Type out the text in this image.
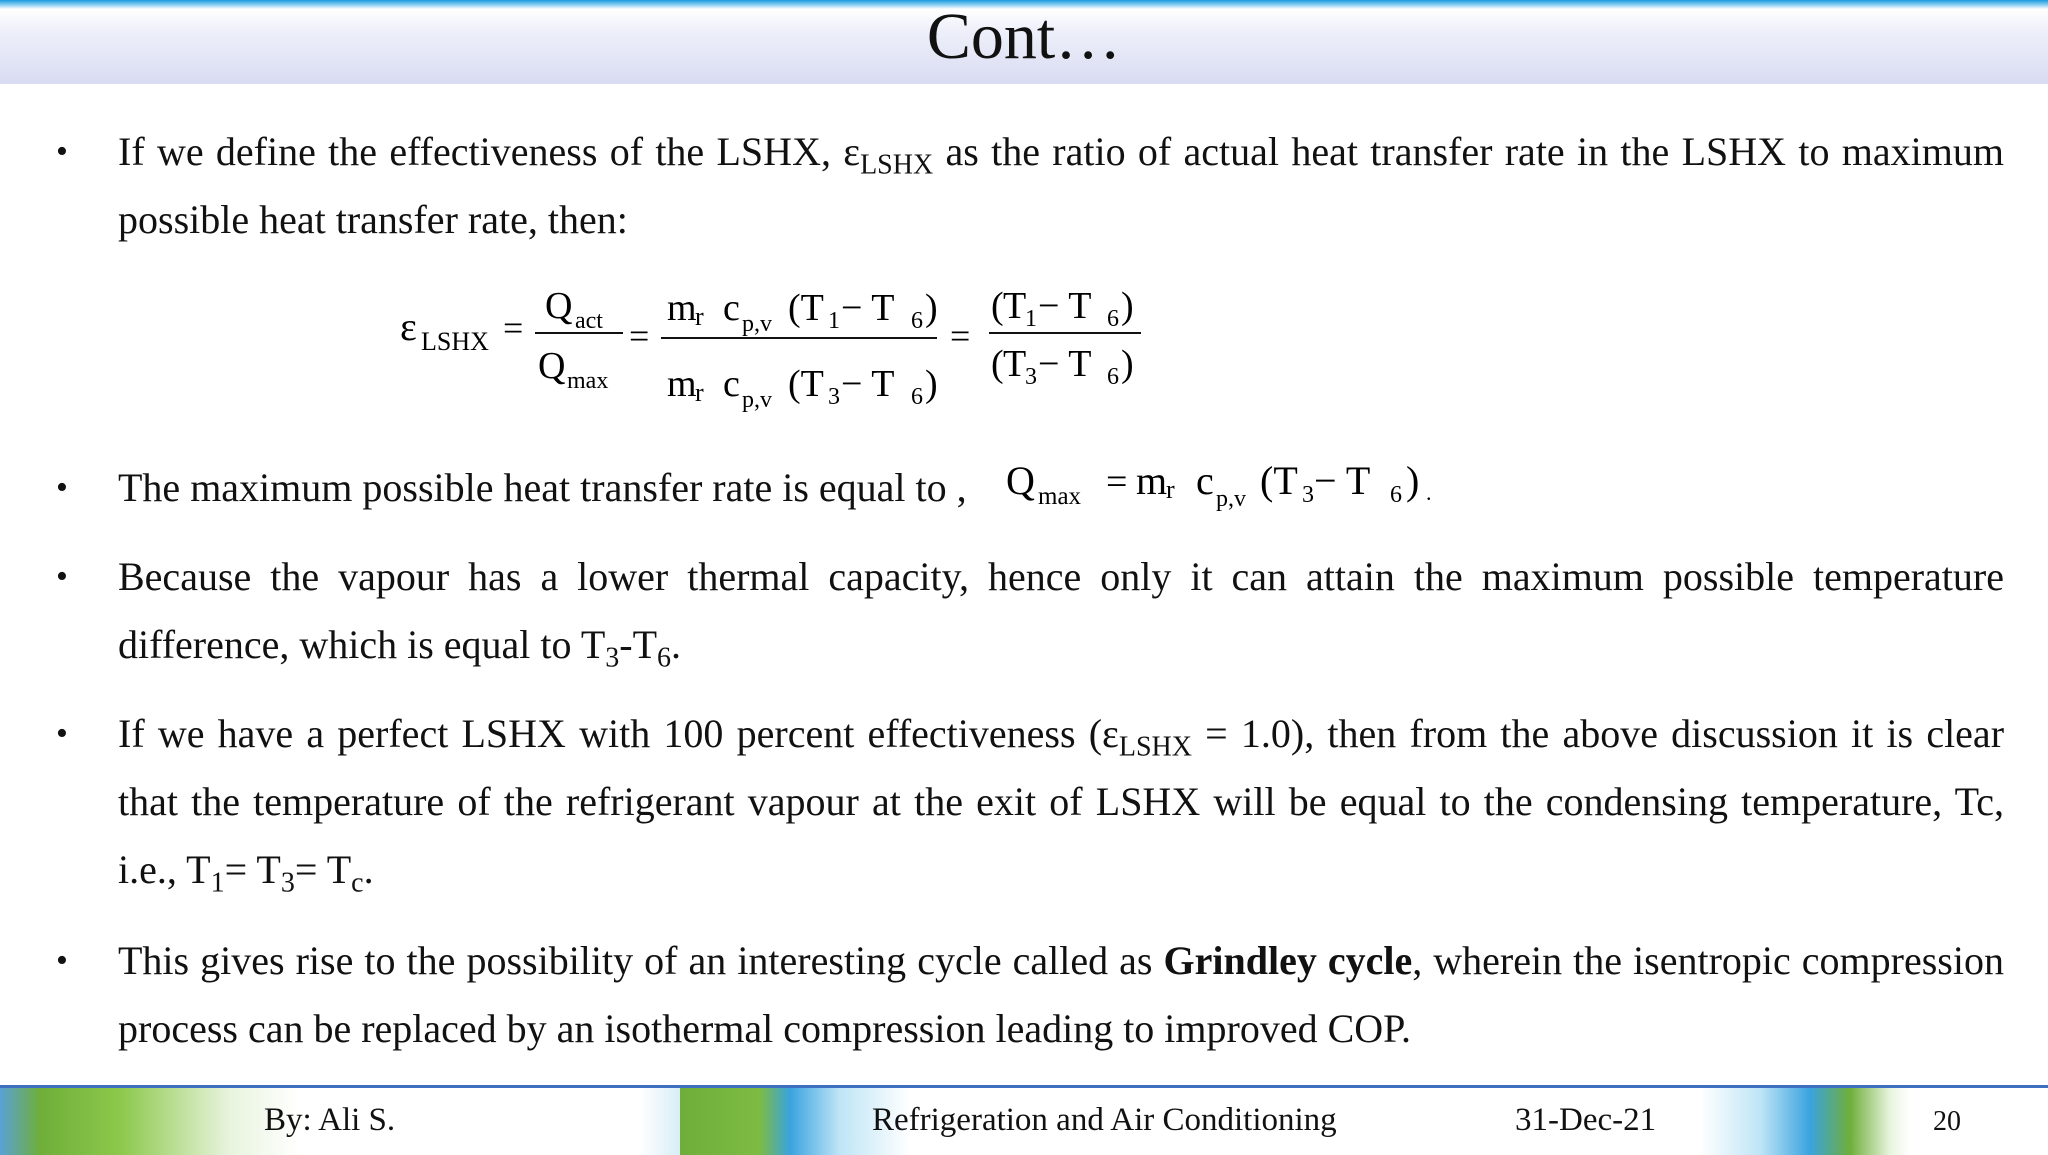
Cont…
• If we define the effectiveness of the LSHX, $\varepsilon_{LSHX}$ as the ratio of actual heat transfer rate in the LSHX to maximum possible heat transfer rate, then:
ε LSHX =
Q act
Q max
=
m
r c p,v (T 1 − T 6 )
m
r c p,v (T 3 − T 6 )
=
( T
1 − T 6 )
( T
3 − T 6 )
• The maximum possible heat transfer rate is equal to , Q max = m
r c p,v (T 3 − T 6 ) .
• Because the vapour has a lower thermal capacity, hence only it can attain the maximum possible temperature difference, which is equal to $T_3-T_6$.
• If we have a perfect LSHX with 100 percent effectiveness $(\varepsilon_{LSHX} = 1.0)$, then from the above discussion it is clear that the temperature of the refrigerant vapour at the exit of LSHX will be equal to the condensing temperature, Tc, i.e., $T_1= T_3= T_c$.
• This gives rise to the possibility of an interesting cycle called as Grindley cycle, wherein the isentropic compression process can be replaced by an isothermal compression leading to improved COP.
By: Ali S.	Refrigeration and Air Conditioning	31-Dec-21	20
